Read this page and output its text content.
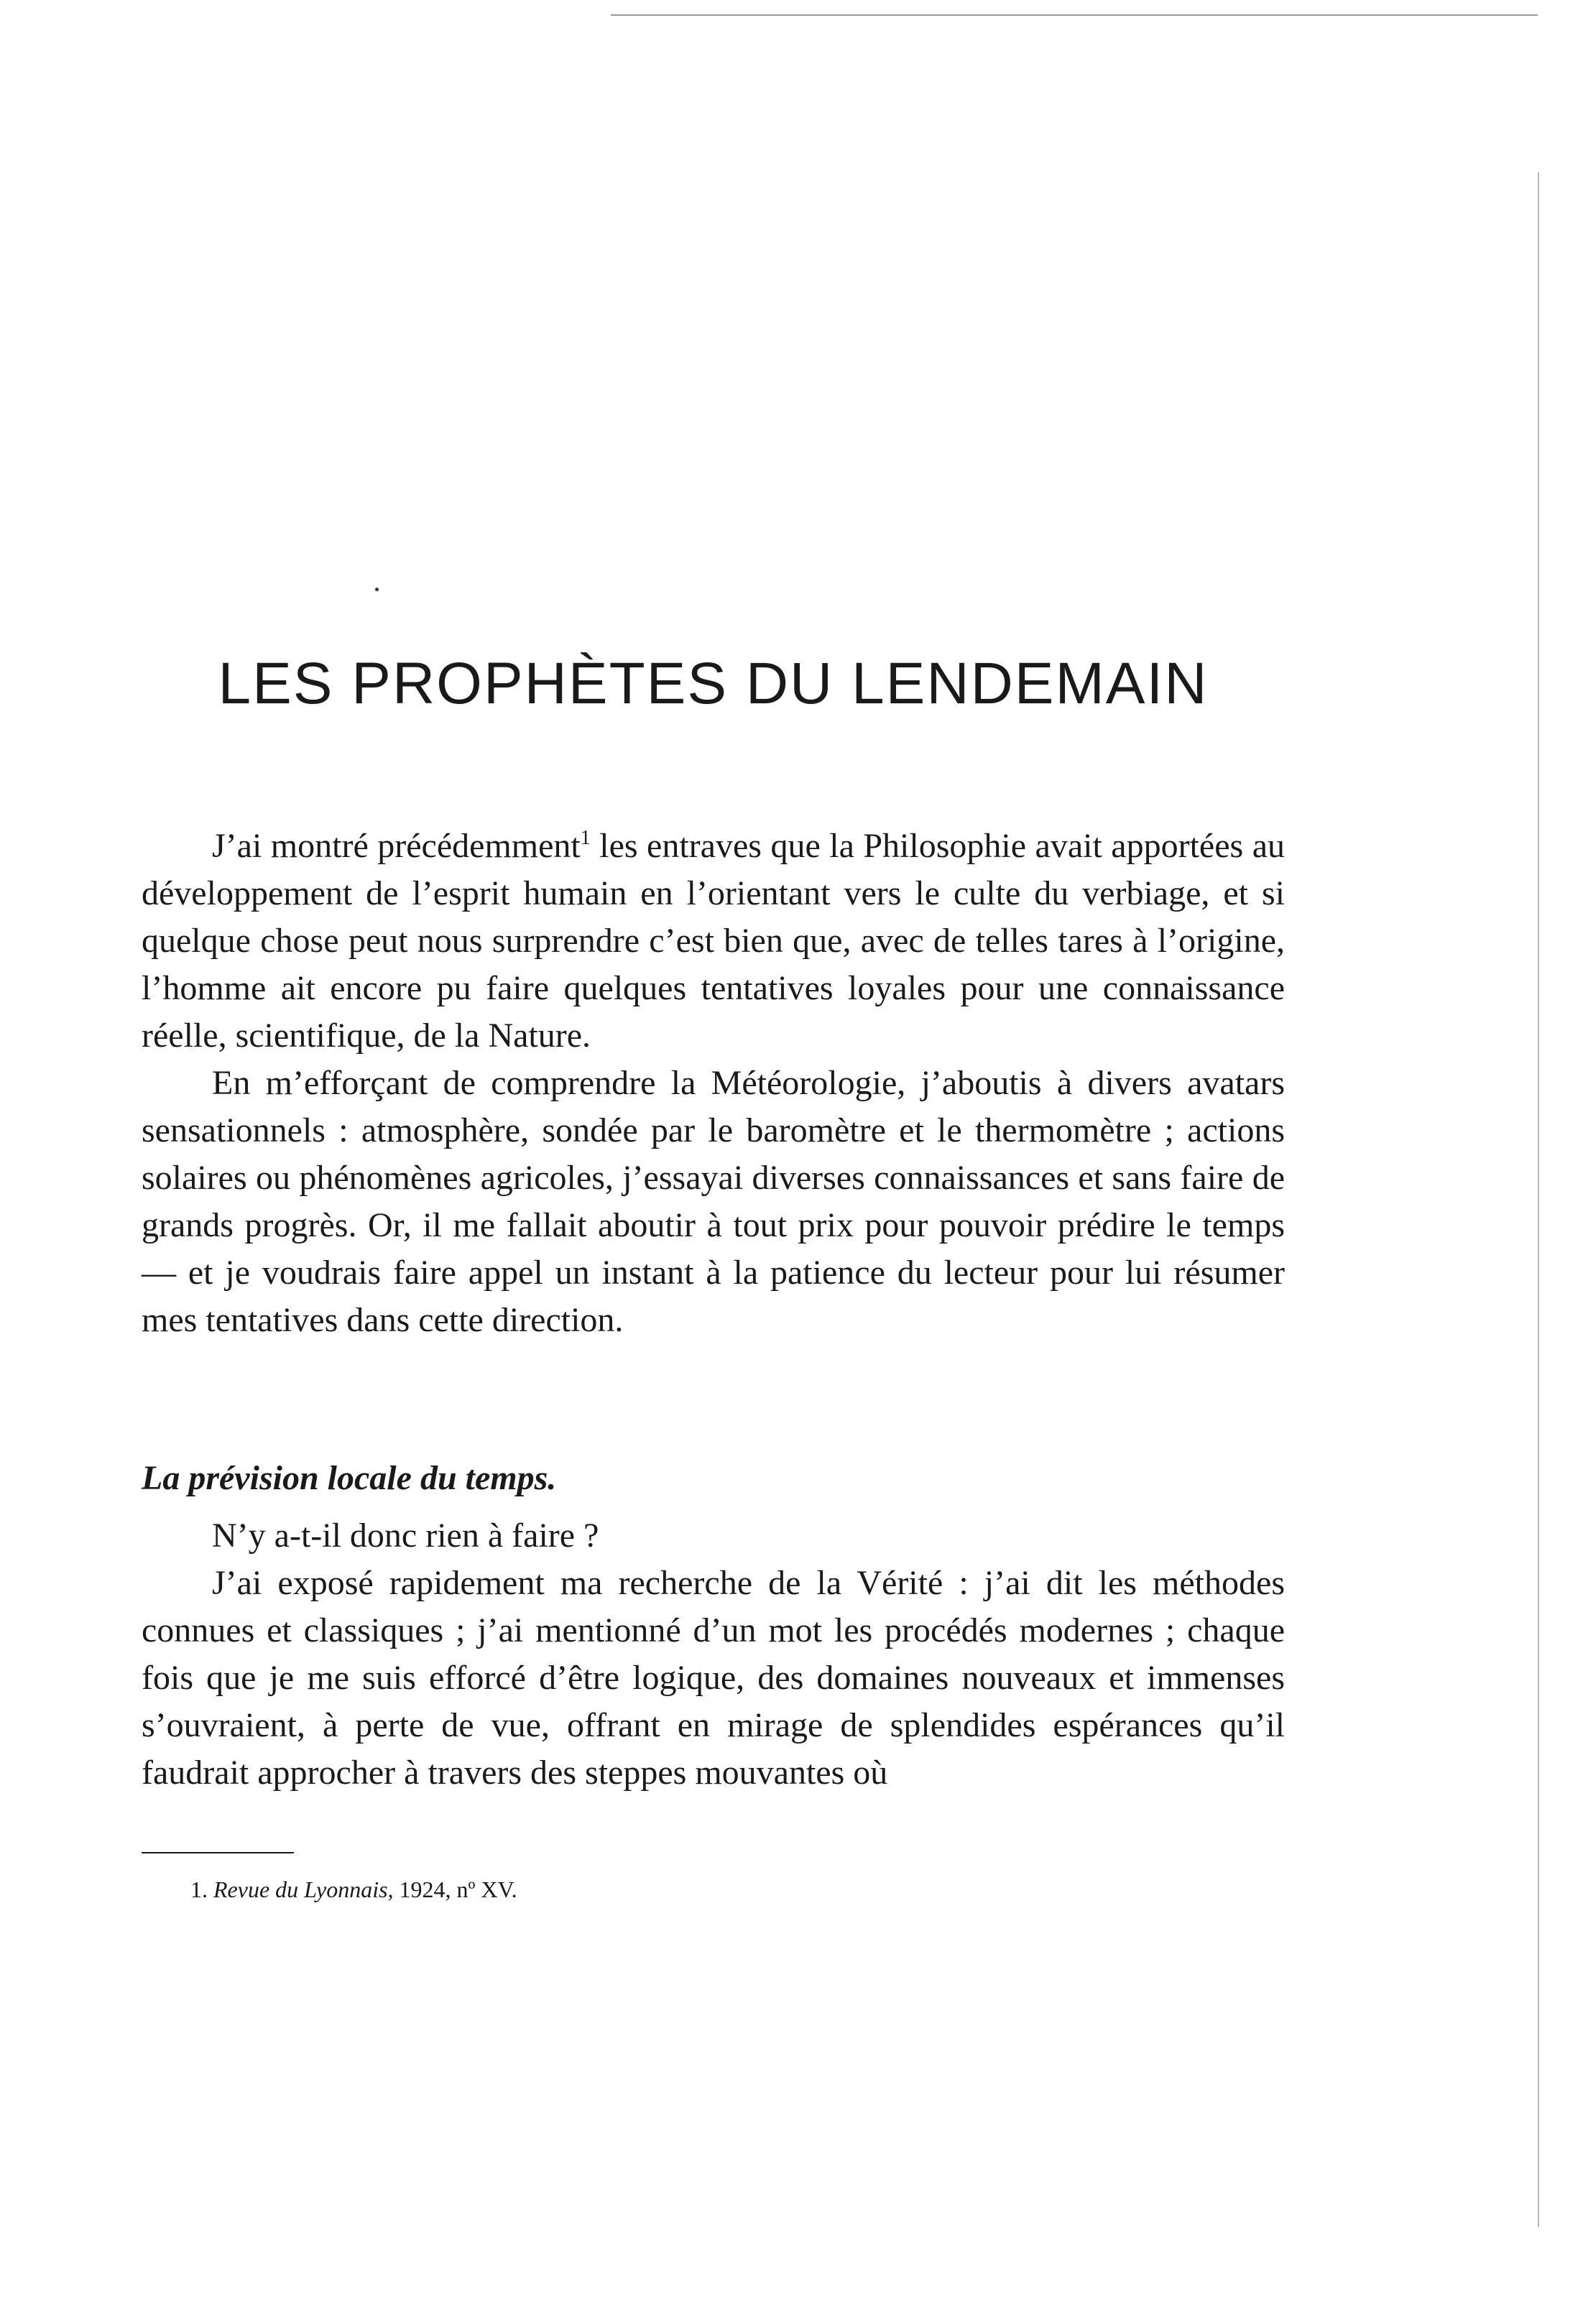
LES PROPHÈTES DU LENDEMAIN

J’ai montré précédemment$^1$ les entraves que la Philosophie avait apportées au développement de l’esprit humain en l’orientant vers le culte du verbiage, et si quelque chose peut nous surprendre c’est bien que, avec de telles tares à l’origine, l’homme ait encore pu faire quelques tentatives loyales pour une connaissance réelle, scientifique, de la Nature.

En m’efforçant de comprendre la Météorologie, j’aboutis à divers avatars sensationnels : atmosphère, sondée par le baromètre et le thermomètre ; actions solaires ou phénomènes agricoles, j’essayai diverses connaissances et sans faire de grands progrès. Or, il me fallait aboutir à tout prix pour pouvoir prédire le temps — et je voudrais faire appel un instant à la patience du lecteur pour lui résumer mes tentatives dans cette direction.

La prévision locale du temps.

N’y a-t-il donc rien à faire ?

J’ai exposé rapidement ma recherche de la Vérité : j’ai dit les méthodes connues et classiques ; j’ai mentionné d’un mot les procédés modernes ; chaque fois que je me suis efforcé d’être logique, des domaines nouveaux et immenses s’ouvraient, à perte de vue, offrant en mirage de splendides espérances qu’il faudrait approcher à travers des steppes mouvantes où

1. Revue du Lyonnais, 1924, nº XV.
